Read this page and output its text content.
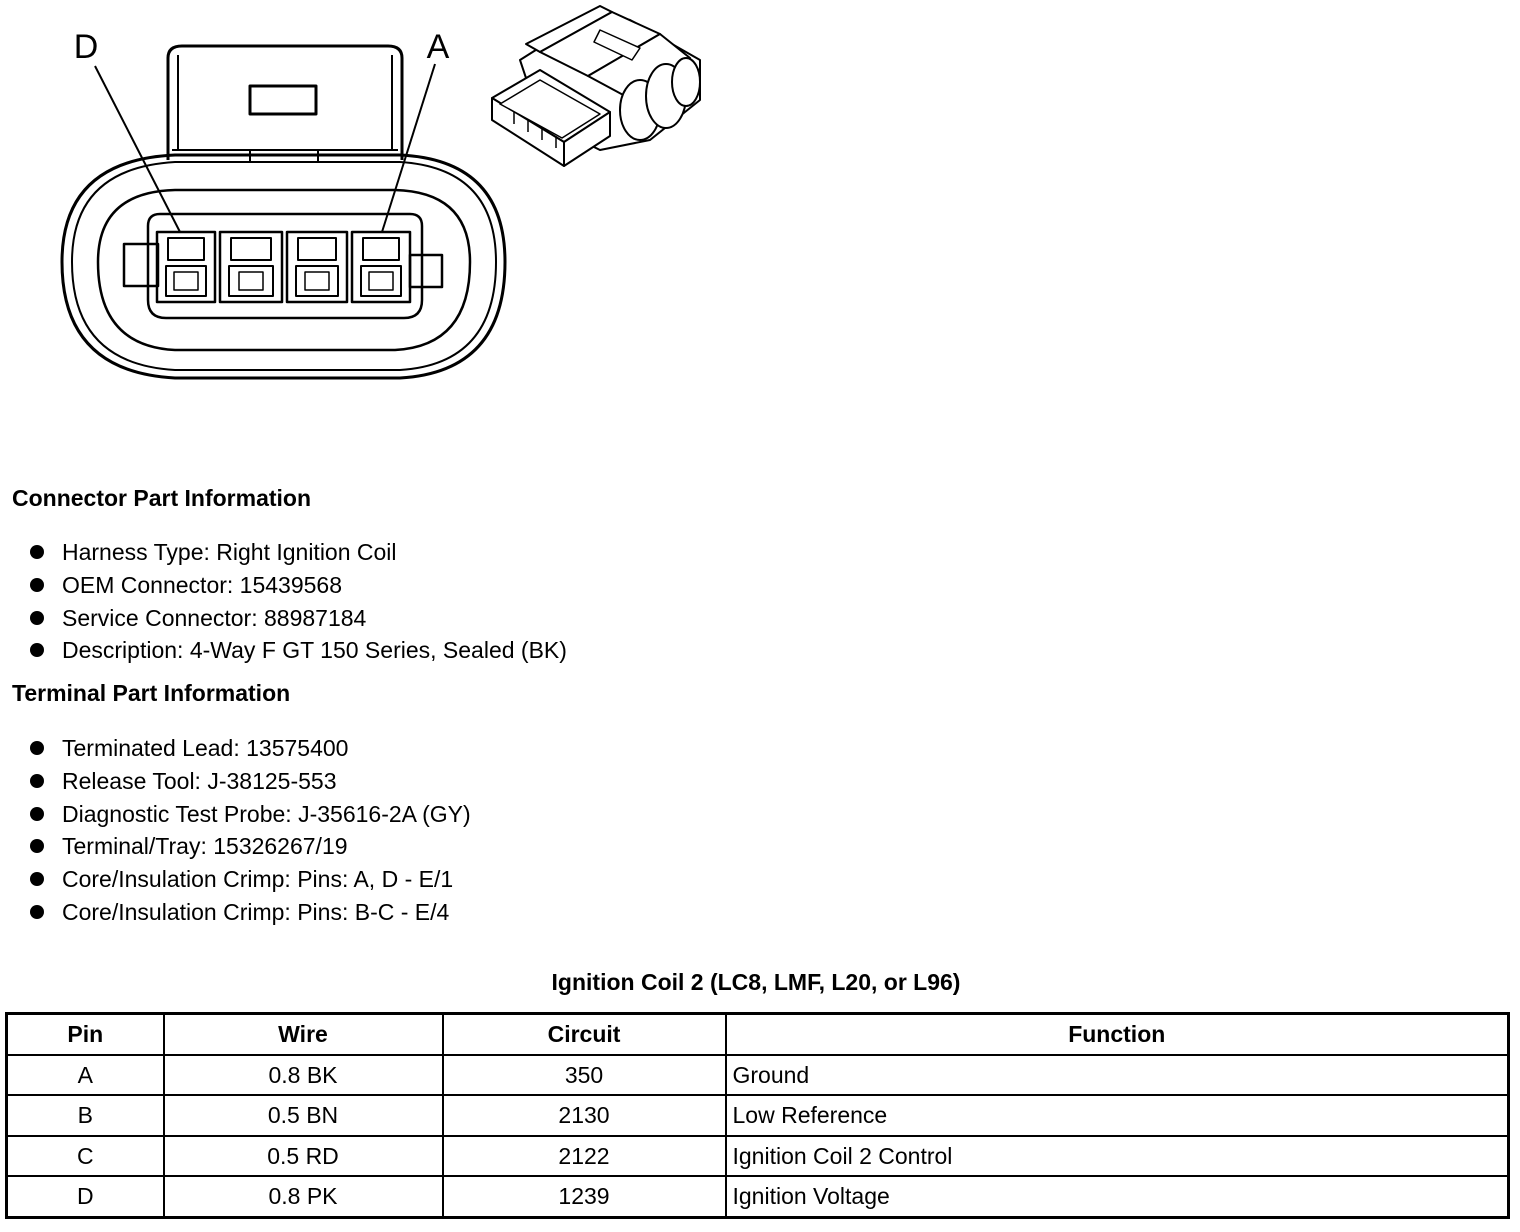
D	A
Connector Part Information
Harness Type: Right Ignition Coil
OEM Connector: 15439568
Service Connector: 88987184
Description: 4-Way F GT 150 Series, Sealed (BK)
Terminal Part Information
Terminated Lead: 13575400
Release Tool: J-38125-553
Diagnostic Test Probe: J-35616-2A (GY)
Terminal/Tray: 15326267/19
Core/Insulation Crimp: Pins: A, D - E/1
Core/Insulation Crimp: Pins: B-C - E/4
Ignition Coil 2 (LC8, LMF, L20, or L96)
Pin	Wire	Circuit	Function
A	0.8 BK	350	Ground
B	0.5 BN	2130	Low Reference
C	0.5 RD	2122	Ignition Coil 2 Control
D	0.8 PK	1239	Ignition Voltage
